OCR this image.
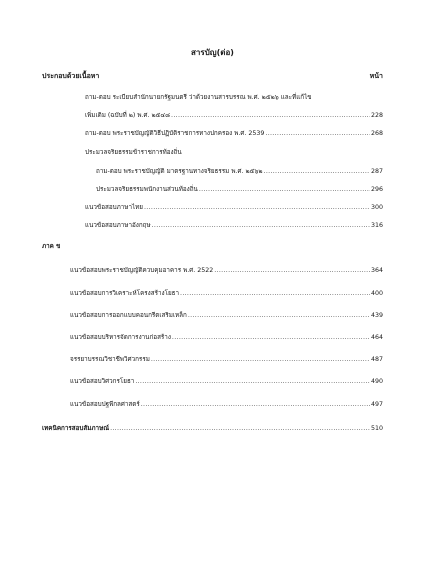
สารบัญ(ต่อ)
ประกอบด้วยเนื้อหา	หน้า
ถาม-ตอบ ระเบียบสำนักนายกรัฐมนตรี ว่าด้วยงานสารบรรณ พ.ศ. ๒๕๒๖ และที่แก้ไข
เพิ่มเติม (ฉบับที่ ๒) พ.ศ. ๒๕๔๘ .....	228
ถาม-ตอบ พระราชบัญญัติวิธีปฏิบัติราชการทางปกครอง พ.ศ. 2539 .....	268
ประมวลจริยธรรมข้าราชการท้องถิ่น
ถาม-ตอบ พระราชบัญญัติ มาตรฐานทางจริยธรรม พ.ศ. ๒๕๖๒ .....	287
ประมวลจริยธรรมพนักงานส่วนท้องถิ่น .....	296
แนวข้อสอบภาษาไทย .....	300
แนวข้อสอบภาษาอังกฤษ .....	316
ภาค ข
แนวข้อสอบพระราชบัญญัติควบคุมอาคาร พ.ศ. 2522 .....	364
แนวข้อสอบการวิเคราะห์โครงสร้างโยธา .....	400
แนวข้อสอบการออกแบบคอนกรีตเสริมเหล็ก .....	439
แนวข้อสอบบริหารจัดการงานก่อสร้าง .....	464
จรรยาบรรณวิชาชีพวิศวกรรม .....	487
แนวข้อสอบวิศวกรโยธา .....	490
แนวข้อสอบปฐพีกลศาสตร์ .....	497
เทคนิคการสอบสัมภาษณ์ .....	510
